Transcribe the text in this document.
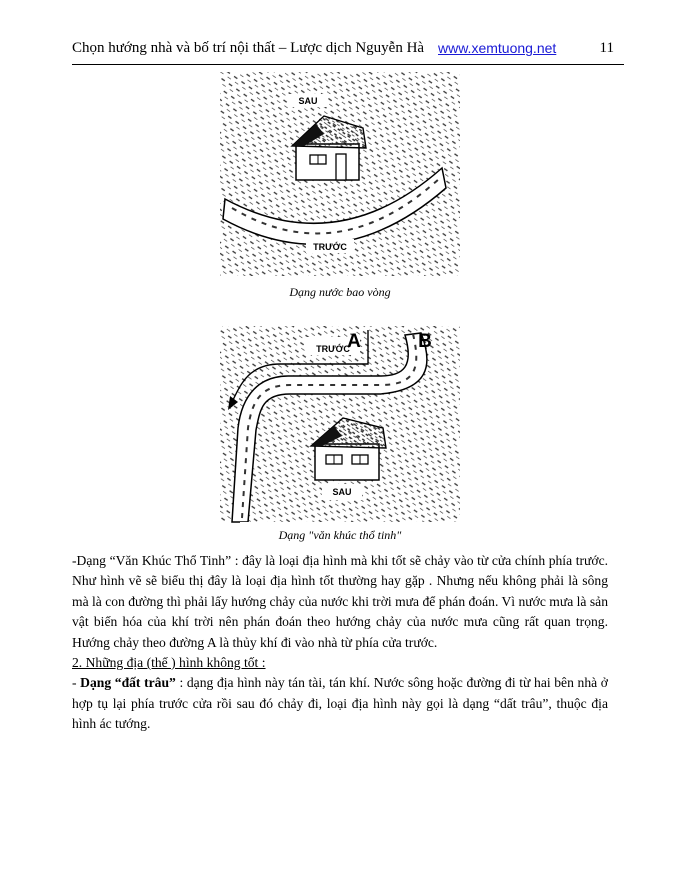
Chọn hướng nhà và bố trí nội thất – Lược dịch Nguyễn Hà www.xemtuong.net	11
SAU
TRƯỚC
Dạng nước bao vòng
TRƯỚC
A	B
SAU
Dạng "văn khúc thổ tinh"

-Dạng “Văn Khúc Thổ Tinh” : đây là loại địa hình mà khi tốt sẽ chảy vào từ cửa chính phía trước. Như hình vẽ sẽ biểu thị đây là loại địa hình tốt thường hay gặp . Nhưng nếu không phải là sông mà là con đường thì phải lấy hướng chảy của nước khi trời mưa để phán đoán. Vì nước mưa là sản vật biến hóa của khí trời nên phán đoán theo hướng chảy của nước mưa cũng rất quan trọng. Hướng chảy theo đường A là thủy khí đi vào nhà từ phía cửa trước.

2. Những địa (thế ) hình không tốt :

- Dạng “đất trâu” : dạng địa hình này tán tài, tán khí. Nước sông hoặc đường đi từ hai bên nhà ở hợp tụ lại phía trước cửa rồi sau đó chảy đi, loại địa hình này gọi là dạng “dất trâu”, thuộc địa hình ác tướng.
